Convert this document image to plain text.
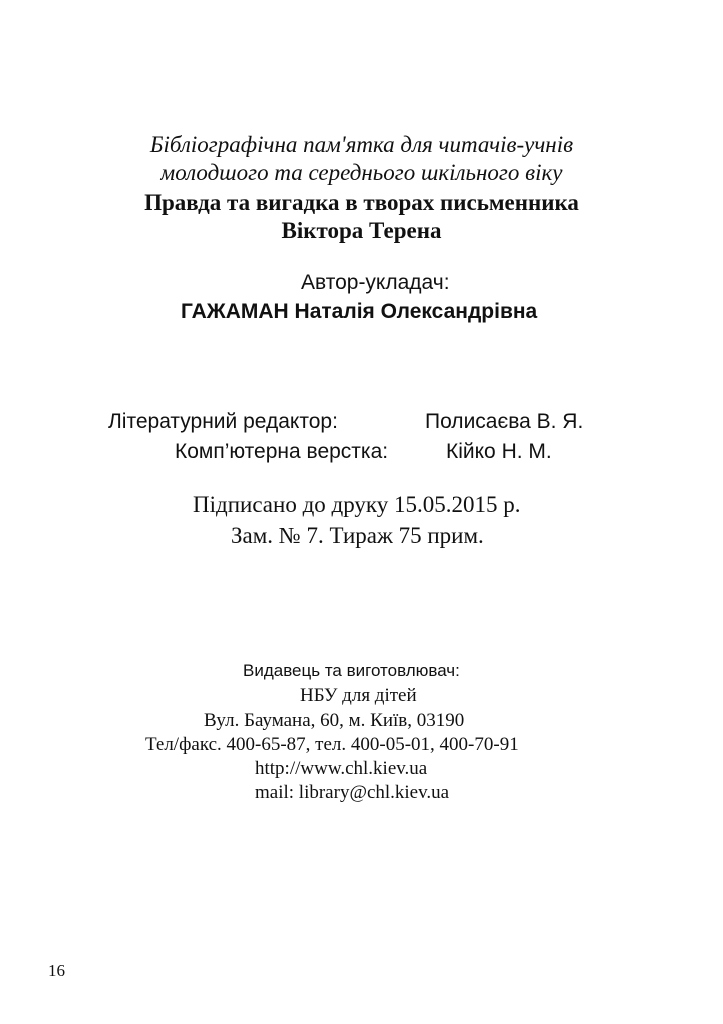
Бібліографічна пам'ятка для читачів-учнів
молодшого та середнього шкільного віку
Правда та вигадка в творах письменника
Віктора Терена
Автор-укладач:
ГАЖАМАН Наталія Олександрівна
Літературний редактор:	Полисаєва В. Я.
Комп’ютерна верстка:	Кійко Н. М.
Підписано до друку 15.05.2015 р.
Зам. № 7. Тираж 75 прим.
Видавець та виготовлювач:
НБУ для дітей
Вул. Баумана, 60, м. Київ, 03190
Тел/факс. 400-65-87, тел. 400-05-01, 400-70-91
http://www.chl.kiev.ua
mail: library@chl.kiev.ua
16
